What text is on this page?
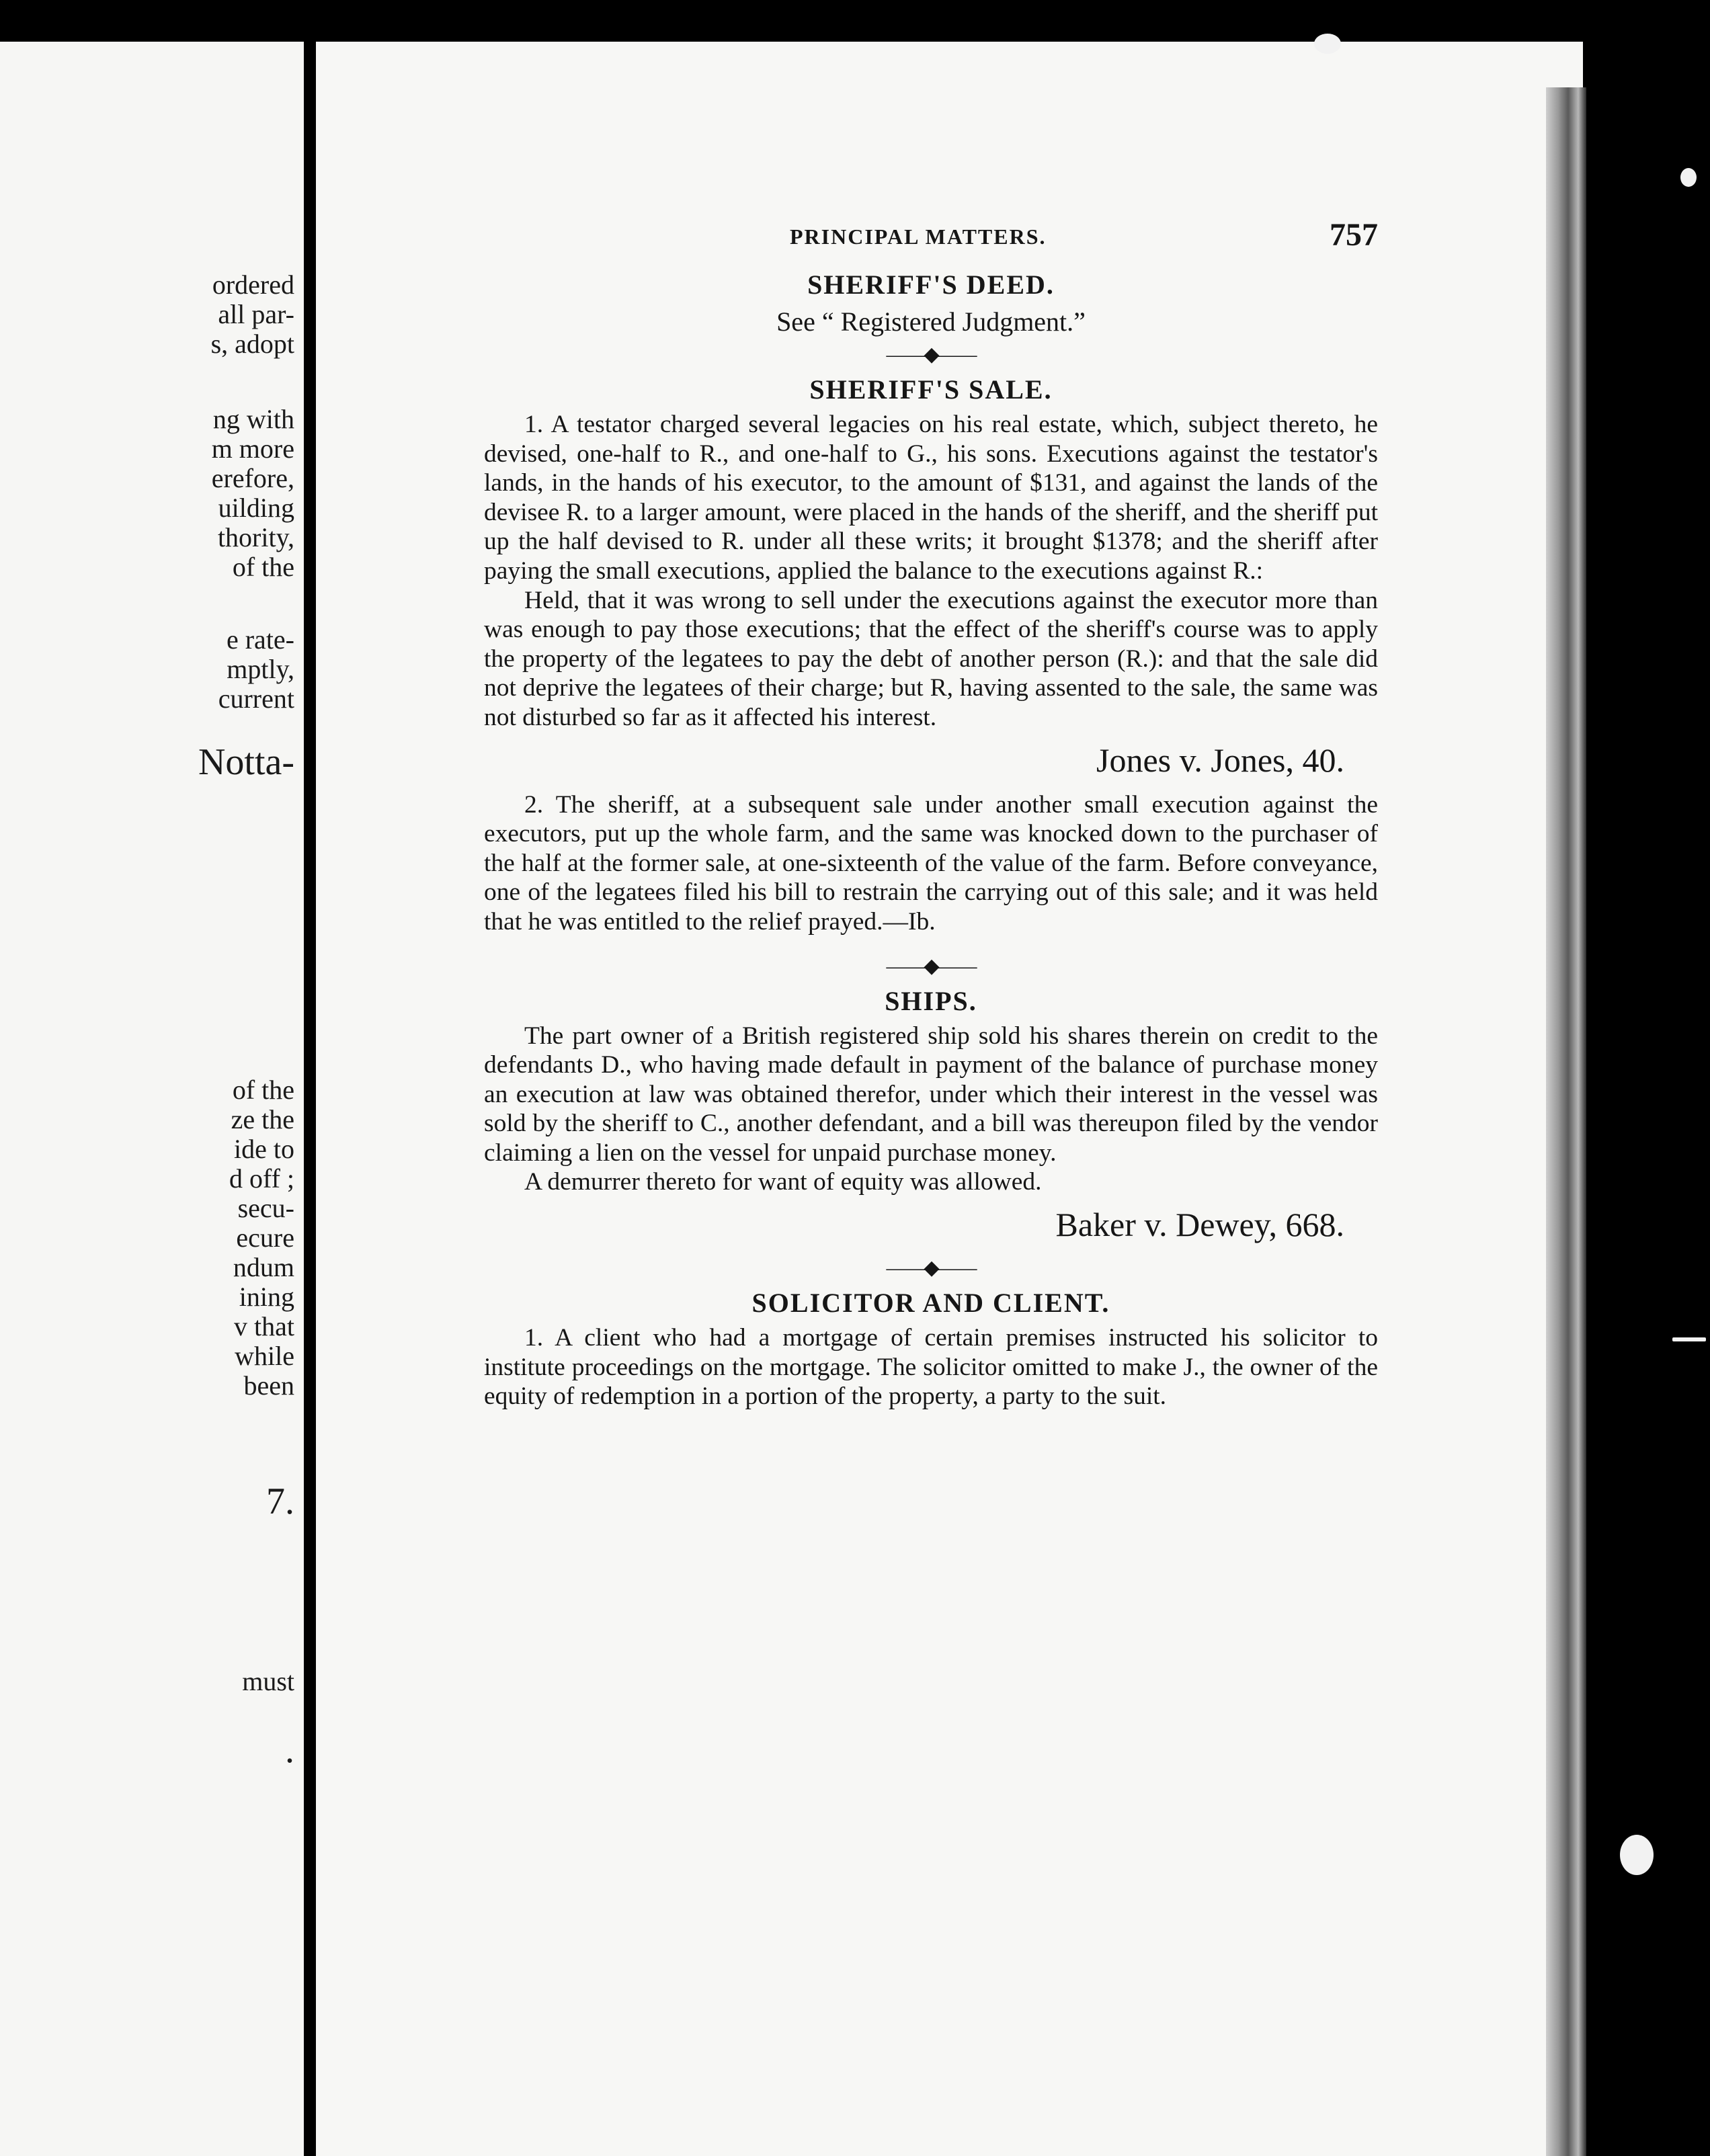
ordered
all par-
s, adopt
ng with
m more
erefore,
uilding
thority,
of the
e rate-
mptly,
current
Notta-
of the
ze the
ide to
d off ;
secu-
ecure
ndum
ining
v that
while
been
7.
must
.
PRINCIPAL MATTERS.	757
SHERIFF'S DEED.
See “ Registered Judgment.”
——◆——
SHERIFF'S SALE.

1. A testator charged several legacies on his real estate, which, subject thereto, he devised, one-half to R., and one-half to G., his sons. Executions against the testator's lands, in the hands of his executor, to the amount of $131, and against the lands of the devisee R. to a larger amount, were placed in the hands of the sheriff, and the sheriff put up the half devised to R. under all these writs; it brought $1378; and the sheriff after paying the small executions, applied the balance to the executions against R.:

Held, that it was wrong to sell under the executions against the executor more than was enough to pay those executions; that the effect of the sheriff's course was to apply the property of the legatees to pay the debt of another person (R.): and that the sale did not deprive the legatees of their charge; but R, having assented to the sale, the same was not disturbed so far as it affected his interest.

Jones v. Jones, 40.

2. The sheriff, at a subsequent sale under another small execution against the executors, put up the whole farm, and the same was knocked down to the purchaser of the half at the former sale, at one-sixteenth of the value of the farm. Before conveyance, one of the legatees filed his bill to restrain the carrying out of this sale; and it was held that he was entitled to the relief prayed.—Ib.

——◆——
SHIPS.

The part owner of a British registered ship sold his shares therein on credit to the defendants D., who having made default in payment of the balance of purchase money an execution at law was obtained therefor, under which their interest in the vessel was sold by the sheriff to C., another defendant, and a bill was thereupon filed by the vendor claiming a lien on the vessel for unpaid purchase money.

A demurrer thereto for want of equity was allowed.

Baker v. Dewey, 668.
——◆——
SOLICITOR AND CLIENT.

1. A client who had a mortgage of certain premises instructed his solicitor to institute proceedings on the mortgage. The solicitor omitted to make J., the owner of the equity of redemption in a portion of the property, a party to the suit.
